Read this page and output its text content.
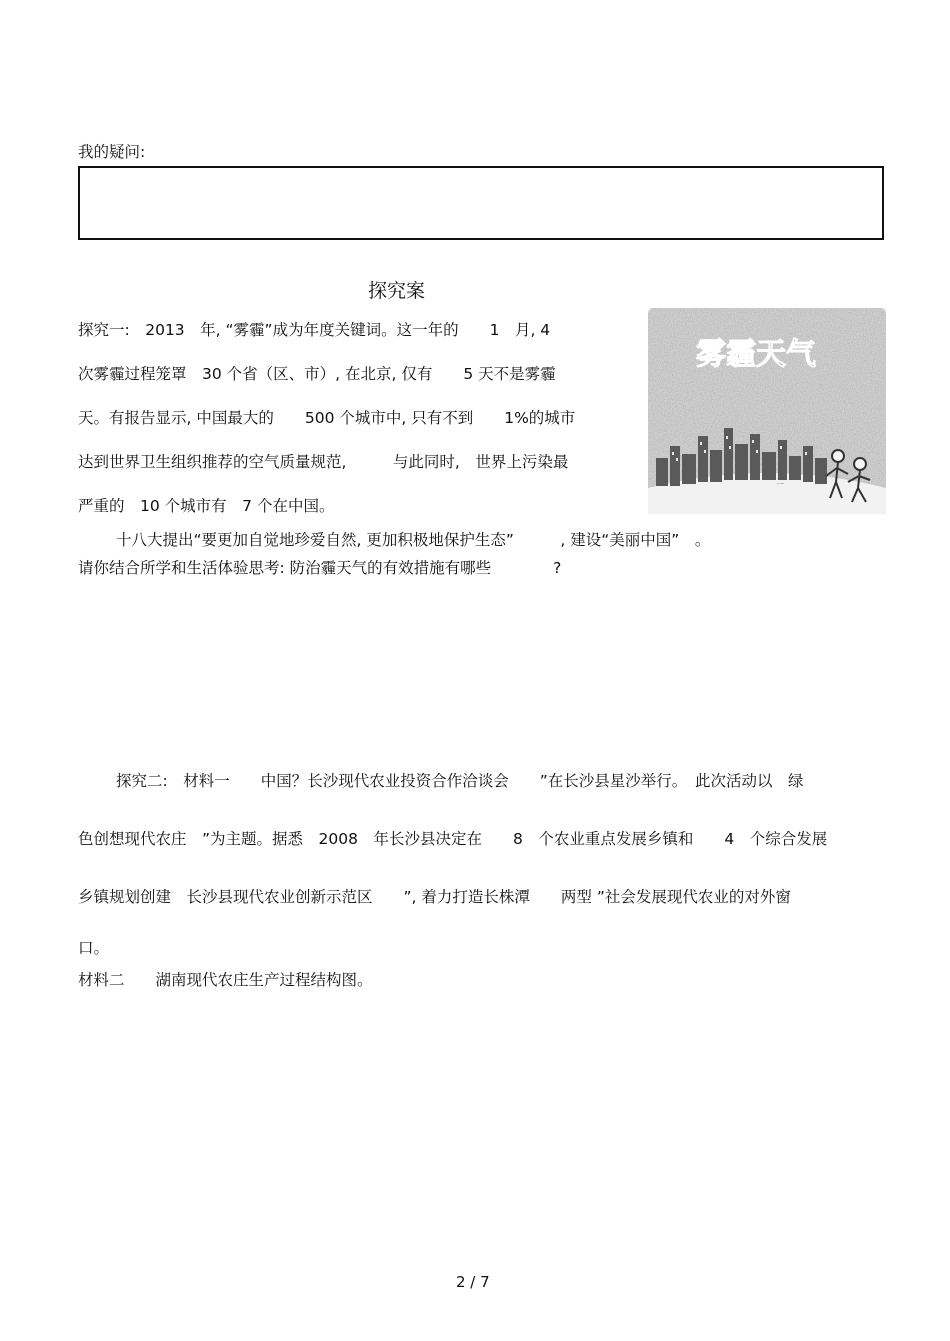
我的疑问:
探究案
探究一:　2013　年, “雾霾”成为年度关键词。这一年的　　1　月, 4
次雾霾过程笼罩　30 个省（区、市）, 在北京, 仅有　　5 天不是雾霾
天。有报告显示, 中国最大的　　500 个城市中, 只有不到　　1%的城市
达到世界卫生组织推荐的空气质量规范,　　　与此同时,　世界上污染最
严重的　10 个城市有　7 个在中国。
十八大提出“要更加自觉地珍爱自然, 更加积极地保护生态”　　　, 建设“美丽中国”　。
请你结合所学和生活体验思考: 防治霾天气的有效措施有哪些　　　　?
二
雾霾天气
探究二:　材料一　　中国？长沙现代农业投资合作洽谈会　　”在长沙县星沙举行。　此次活动以　绿
色创想现代农庄　”为主题。据悉　2008　年长沙县决定在　　8　个农业重点发展乡镇和　　4　个综合发展
乡镇规划创建　长沙县现代农业创新示范区　　”, 着力打造长株潭　　两型 ”社会发展现代农业的对外窗
口。
材料二　　湖南现代农庄生产过程结构图。
2 / 7
